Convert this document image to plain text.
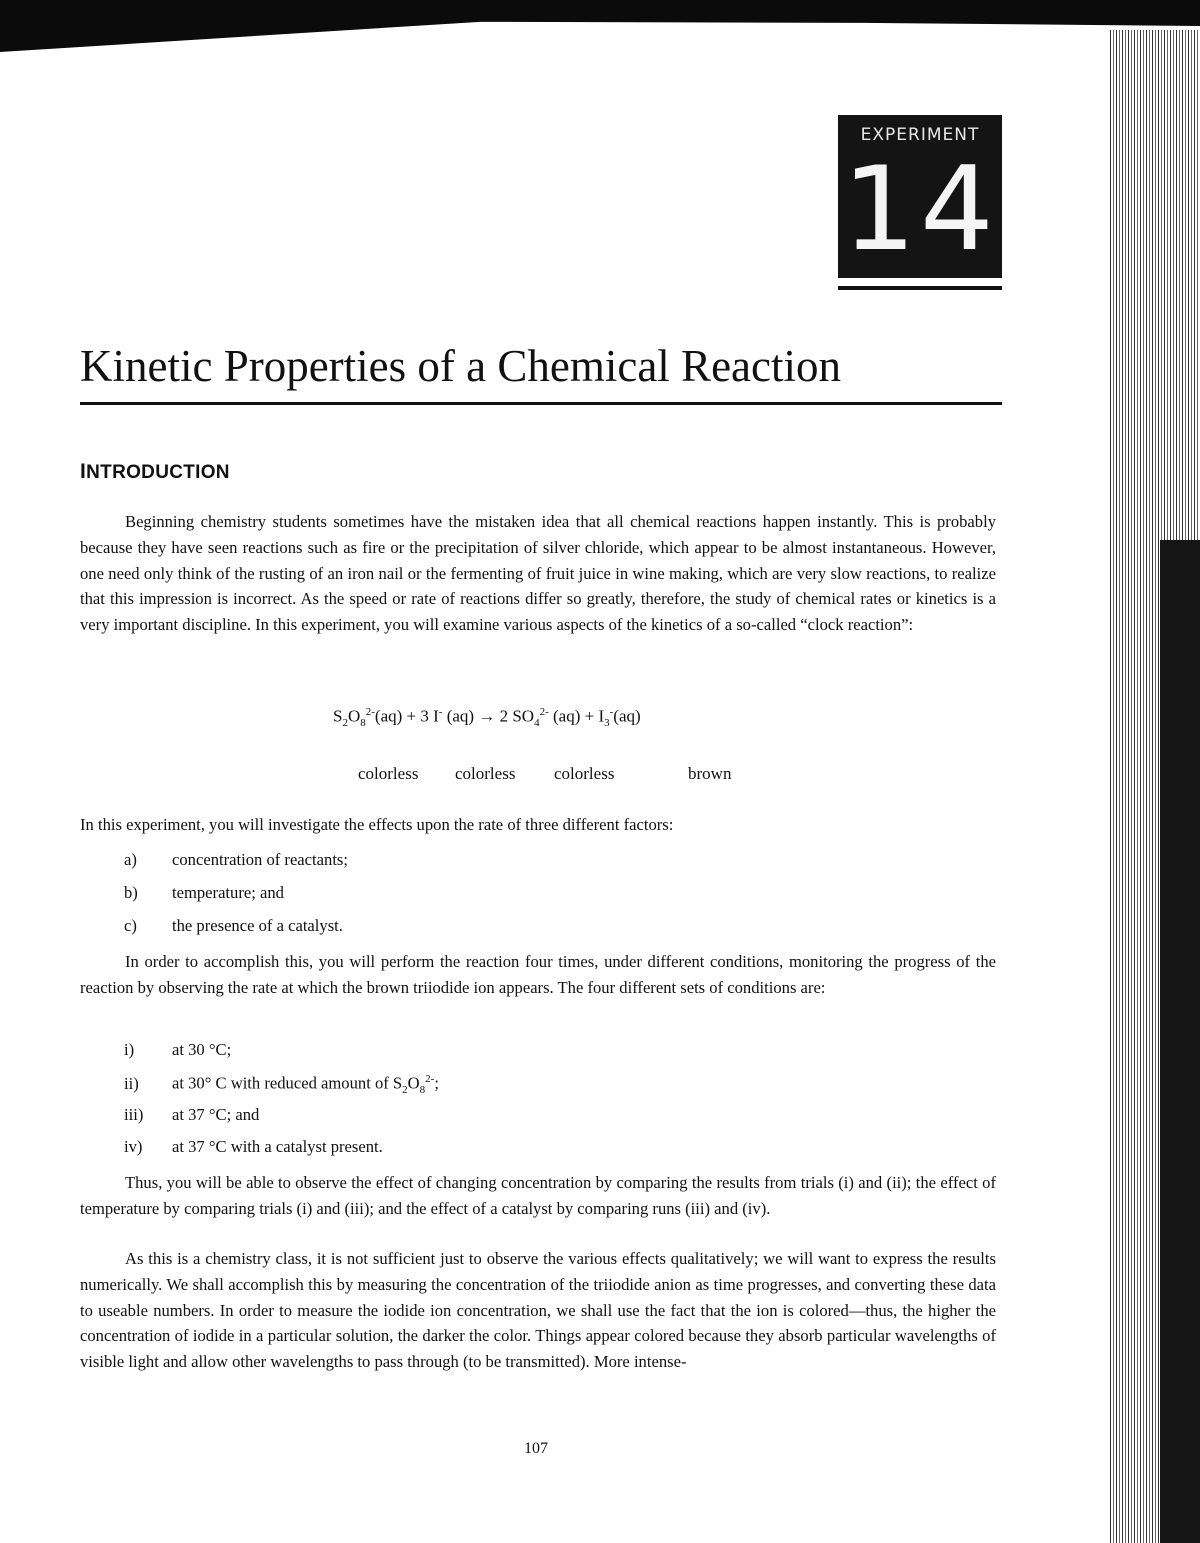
EXPERIMENT
14
Kinetic Properties of a Chemical Reaction
INTRODUCTION

Beginning chemistry students sometimes have the mistaken idea that all chemical reactions happen instantly. This is probably because they have seen reactions such as fire or the precipitation of silver chloride, which appear to be almost instantaneous. However, one need only think of the rusting of an iron nail or the fermenting of fruit juice in wine making, which are very slow reactions, to realize that this impression is incorrect. As the speed or rate of reactions differ so greatly, therefore, the study of chemical rates or kinetics is a very important discipline. In this experiment, you will examine various aspects of the kinetics of a so-called “clock reaction”:

$S_2O_8^{2-}(aq) + 3$ I- (aq) → 2 $SO_4^{2-}$ $(aq) + I_3^-(aq)$
colorless colorless colorless	brown

In this experiment, you will investigate the effects upon the rate of three different factors:

a) concentration of reactants;
b) temperature; and
c) the presence of a catalyst.

In order to accomplish this, you will perform the reaction four times, under different conditions, monitoring the progress of the reaction by observing the rate at which the brown triiodide ion appears. The four different sets of conditions are:

i) at 30 °C;
ii) at 30° C with reduced amount of $S_2O_8^{2-}$;
iii) at 37 °C; and
iv) at 37 °C with a catalyst present.

Thus, you will be able to observe the effect of changing concentration by comparing the results from trials (i) and (ii); the effect of temperature by comparing trials (i) and (iii); and the effect of a catalyst by comparing runs (iii) and (iv).

As this is a chemistry class, it is not sufficient just to observe the various effects qualitatively; we will want to express the results numerically. We shall accomplish this by measuring the concentration of the triiodide anion as time progresses, and converting these data to useable numbers. In order to measure the iodide ion concentration, we shall use the fact that the ion is colored—thus, the higher the concentration of iodide in a particular solution, the darker the color. Things appear colored because they absorb particular wavelengths of visible light and allow other wavelengths to pass through (to be transmitted). More intense-

107
